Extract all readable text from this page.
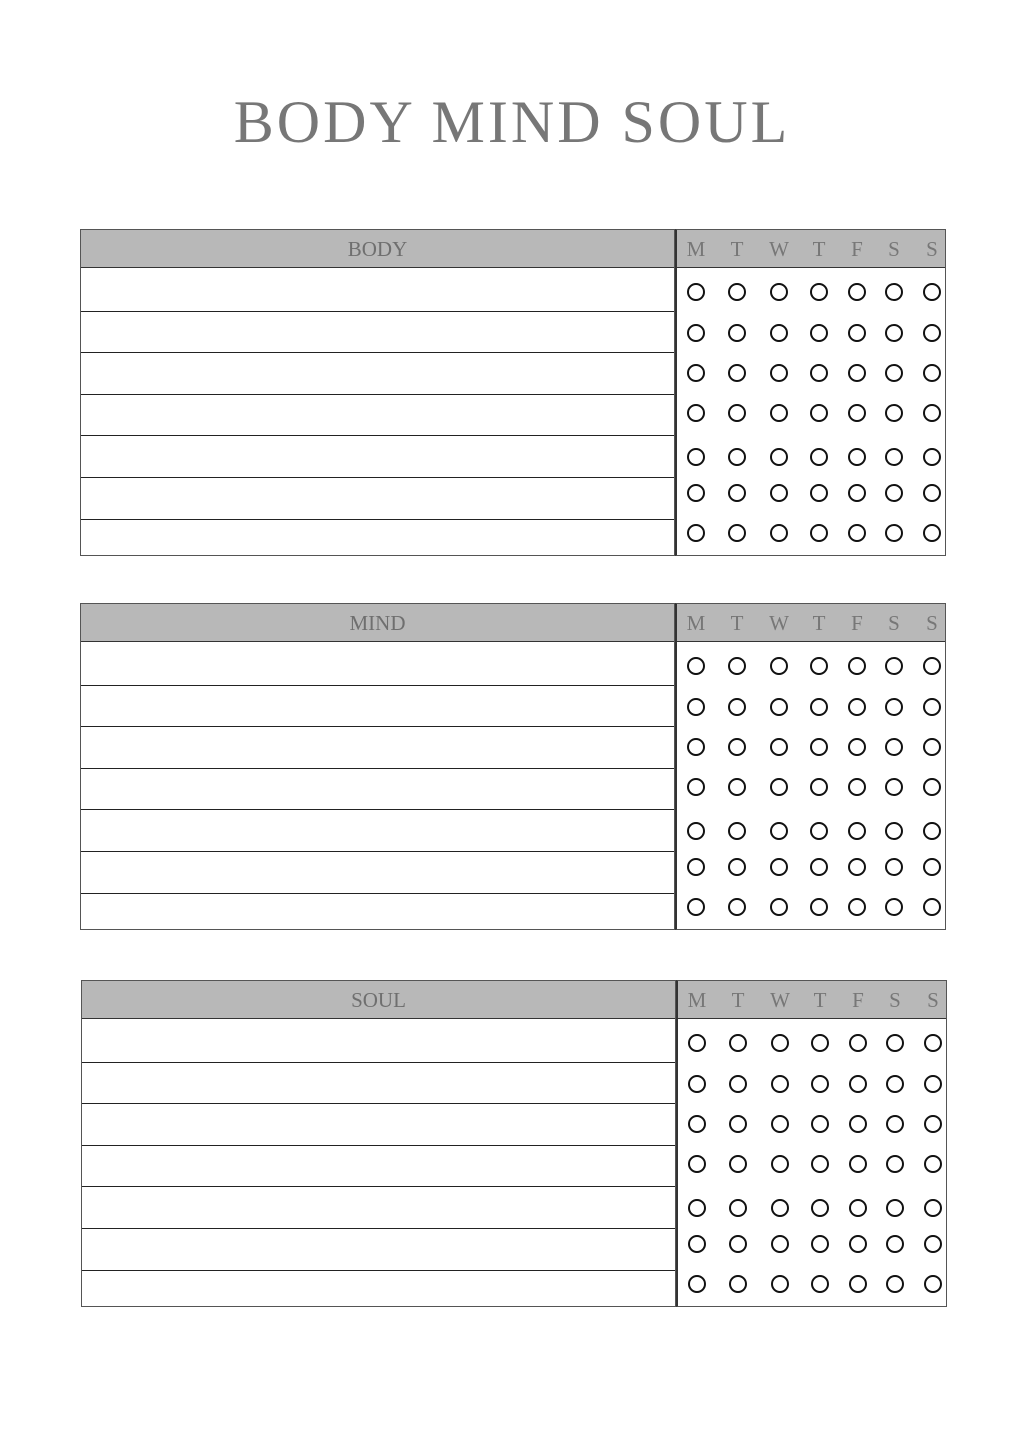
BODY MIND SOUL
BODY	M T W T F S S
MIND	M T W T F S S
SOUL	M T W T F S S
